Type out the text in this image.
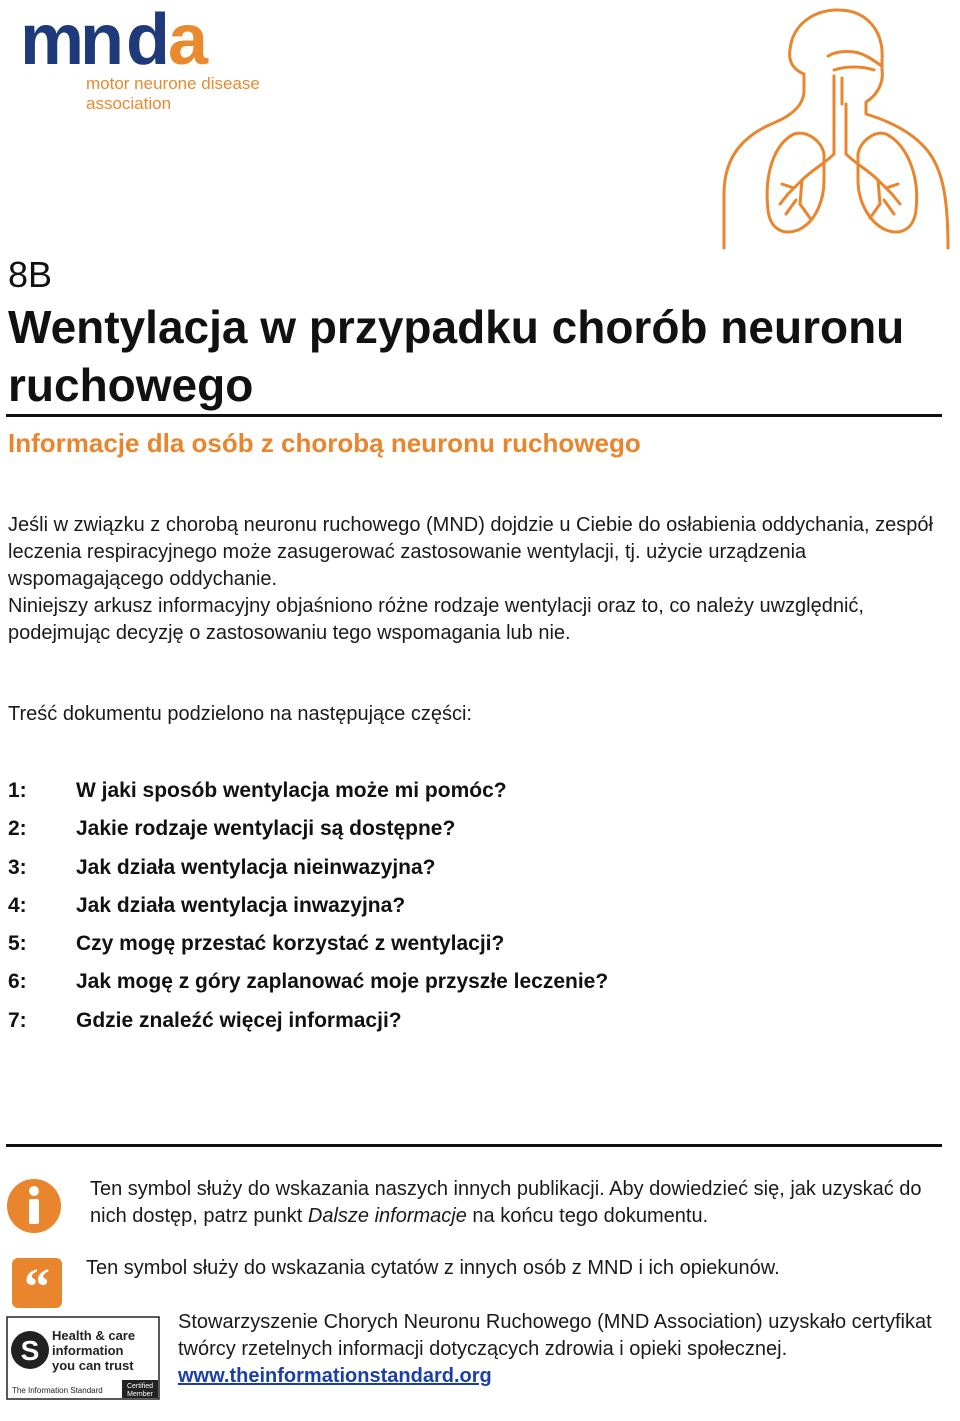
mn d a
motor neurone disease
association
8B
Wentylacja w przypadku chorób neuronu ruchowego
Informacje dla osób z chorobą neuronu ruchowego
Jeśli w związku z chorobą neuronu ruchowego (MND) dojdzie u Ciebie do osłabienia oddychania, zespół leczenia respiracyjnego może zasugerować zastosowanie wentylacji, tj. użycie urządzenia wspomagającego oddychanie.
Niniejszy arkusz informacyjny objaśniono różne rodzaje wentylacji oraz to, co należy uwzględnić, podejmując decyzję o zastosowaniu tego wspomagania lub nie.
Treść dokumentu podzielono na następujące części:
1:	W jaki sposób wentylacja może mi pomóc?
2:	Jakie rodzaje wentylacji są dostępne?
3:	Jak działa wentylacja nieinwazyjna?
4:	Jak działa wentylacja inwazyjna?
5:	Czy mogę przestać korzystać z wentylacji?
6:	Jak mogę z góry zaplanować moje przyszłe leczenie?
7:	Gdzie znaleźć więcej informacji?
Ten symbol służy do wskazania naszych innych publikacji. Aby dowiedzieć się, jak uzyskać do nich dostęp, patrz punkt Dalsze informacje na końcu tego dokumentu.
“ Ten symbol służy do wskazania cytatów z innych osób z MND i ich opiekunów.
S Health & care
information
you can trust
The Information Standard	Certified
Member
Stowarzyszenie Chorych Neuronu Ruchowego (MND Association) uzyskało certyfikat twórcy rzetelnych informacji dotyczących zdrowia i opieki społecznej.
www.theinformationstandard.org
